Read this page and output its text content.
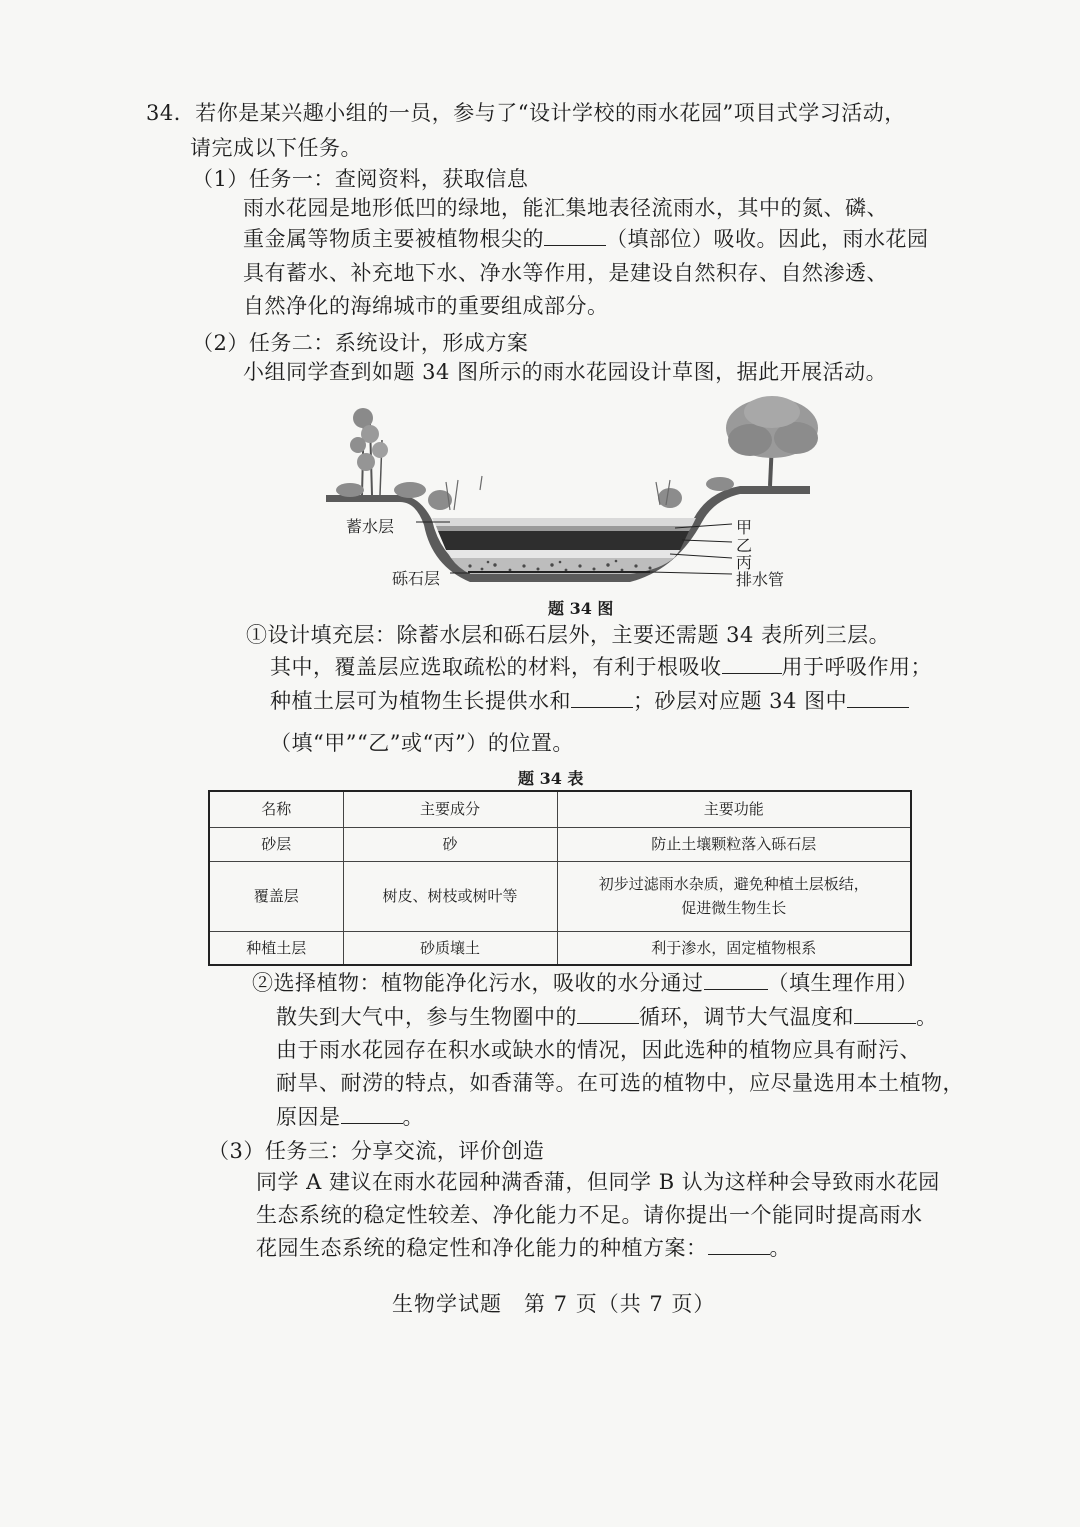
34．若你是某兴趣小组的一员，参与了“设计学校的雨水花园”项目式学习活动，
请完成以下任务。
（1）任务一：查阅资料，获取信息
雨水花园是地形低凹的绿地，能汇集地表径流雨水，其中的氮、磷、
重金属等物质主要被植物根尖的	（填部位）吸收。因此，雨水花园
具有蓄水、补充地下水、净水等作用，是建设自然积存、自然渗透、
自然净化的海绵城市的重要组成部分。
（2）任务二：系统设计，形成方案
小组同学查到如题 34 图所示的雨水花园设计草图，据此开展活动。
蓄水层
砾石层
甲
乙
丙
排水管
题 34 图
①设计填充层：除蓄水层和砾石层外，主要还需题 34 表所列三层。
其中，覆盖层应选取疏松的材料，有利于根吸收	用于呼吸作用；
种植土层可为植物生长提供水和	；砂层对应题 34 图中
（填“甲”“乙”或“丙”）的位置。
题 34 表
名称	主要成分	主要功能
砂层	砂	防止土壤颗粒落入砾石层
覆盖层	树皮、树枝或树叶等	初步过滤雨水杂质，避免种植土层板结，
促进微生物生长

种植土层	砂质壤土	利于渗水，固定植物根系
②选择植物：植物能净化污水，吸收的水分通过	（填生理作用）
散失到大气中，参与生物圈中的	循环，调节大气温度和	。
由于雨水花园存在积水或缺水的情况，因此选种的植物应具有耐污、
耐旱、耐涝的特点，如香蒲等。在可选的植物中，应尽量选用本土植物，
原因是	。
（3）任务三：分享交流，评价创造
同学 A 建议在雨水花园种满香蒲，但同学 B 认为这样种会导致雨水花园
生态系统的稳定性较差、净化能力不足。请你提出一个能同时提高雨水
花园生态系统的稳定性和净化能力的种植方案：	。
生物学试题　第 7 页（共 7 页）
